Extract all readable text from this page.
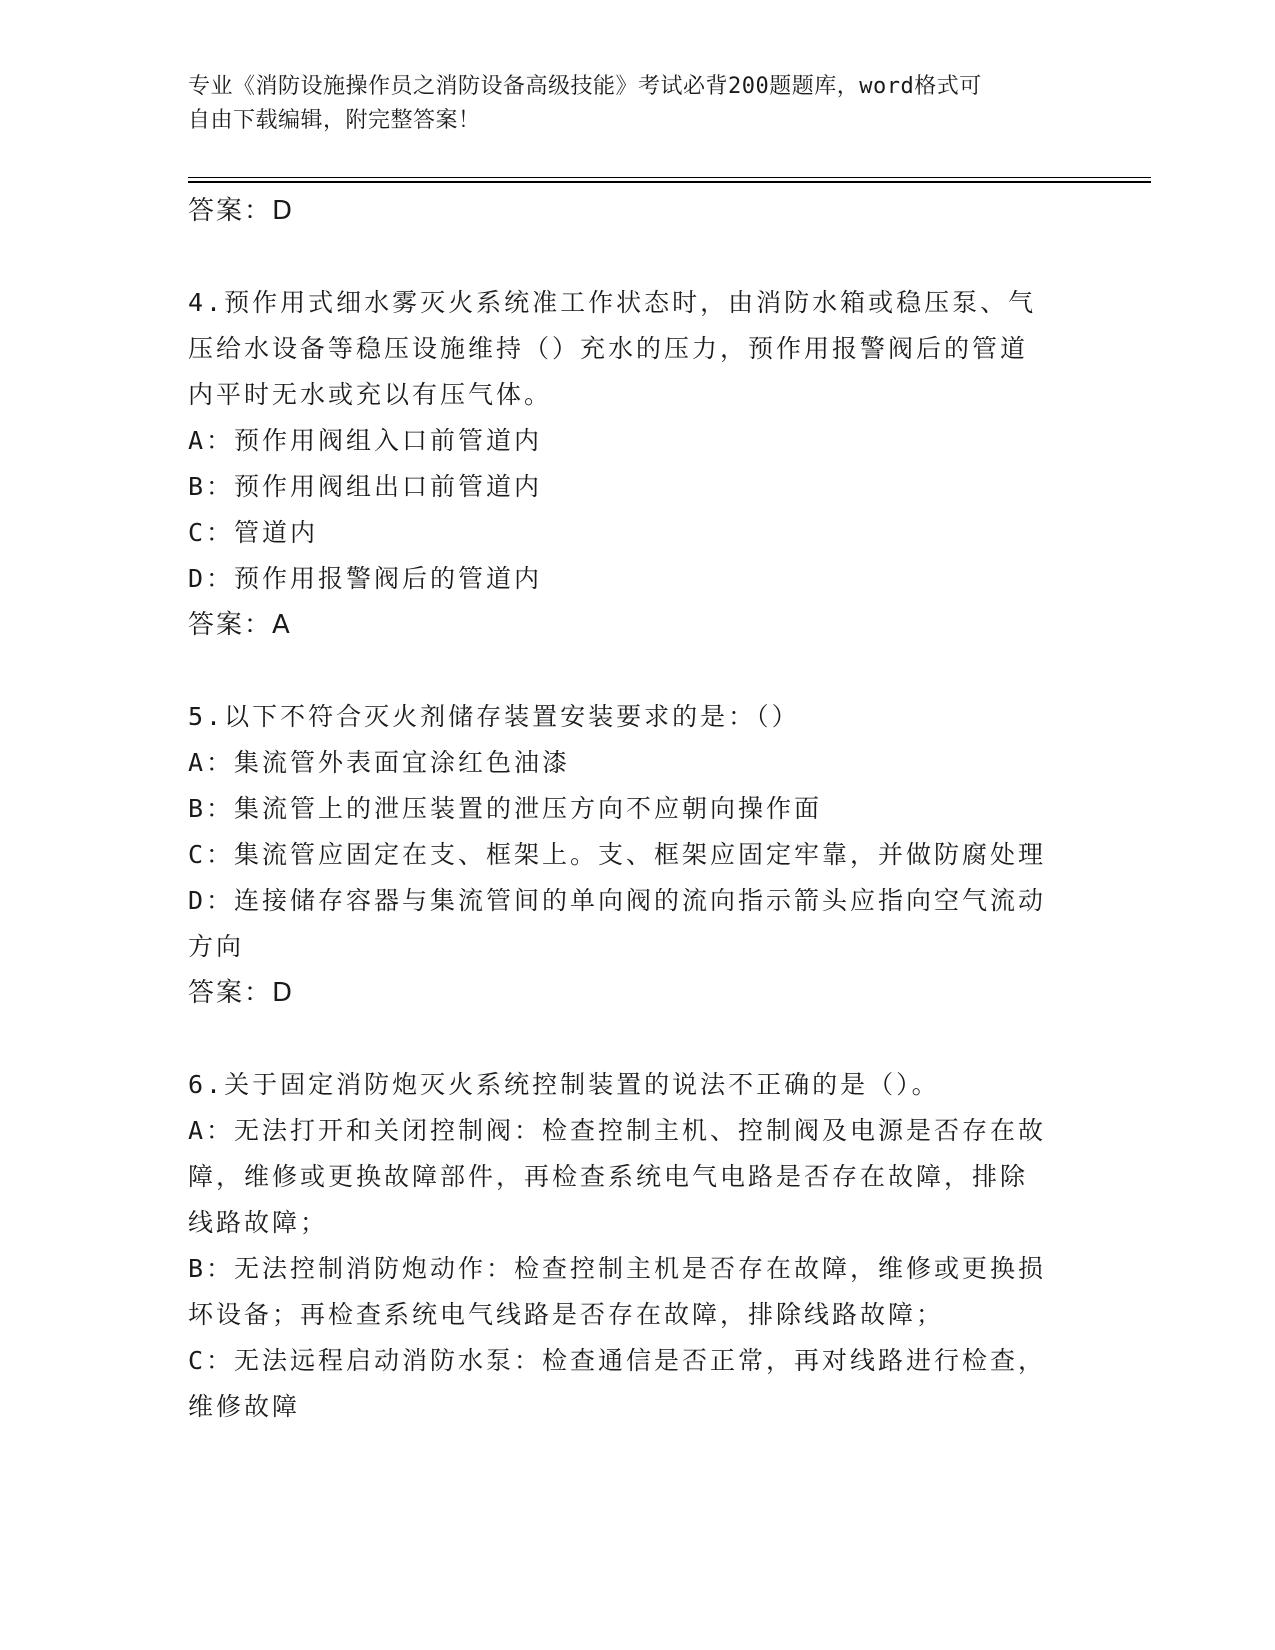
专业《消防设施操作员之消防设备高级技能》考试必背200题题库，word格式可
自由下载编辑，附完整答案！
答案：D
4.预作用式细水雾灭火系统准工作状态时，由消防水箱或稳压泵、气
压给水设备等稳压设施维持（）充水的压力，预作用报警阀后的管道
内平时无水或充以有压气体。
A：预作用阀组入口前管道内
B：预作用阀组出口前管道内
C：管道内
D：预作用报警阀后的管道内
答案：A
5.以下不符合灭火剂储存装置安装要求的是：（）
A：集流管外表面宜涂红色油漆
B：集流管上的泄压装置的泄压方向不应朝向操作面
C：集流管应固定在支、框架上。支、框架应固定牢靠，并做防腐处理
D：连接储存容器与集流管间的单向阀的流向指示箭头应指向空气流动
方向
答案：D
6.关于固定消防炮灭火系统控制装置的说法不正确的是（）。
A：无法打开和关闭控制阀：检查控制主机、控制阀及电源是否存在故
障，维修或更换故障部件，再检查系统电气电路是否存在故障，排除
线路故障；
B：无法控制消防炮动作：检查控制主机是否存在故障，维修或更换损
坏设备；再检查系统电气线路是否存在故障，排除线路故障；
C：无法远程启动消防水泵：检查通信是否正常，再对线路进行检查，
维修故障
